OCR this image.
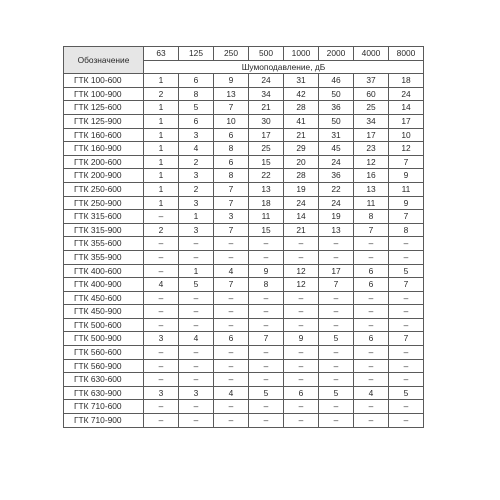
Обозначение	63	125	250	500	1000	2000	4000	8000
	Шумоподавление, дБ							
ГТК 100-600	1	6	9	24	31	46	37	18
ГТК 100-900	2	8	13	34	42	50	60	24
ГТК 125-600	1	5	7	21	28	36	25	14
ГТК 125-900	1	6	10	30	41	50	34	17
ГТК 160-600	1	3	6	17	21	31	17	10
ГТК 160-900	1	4	8	25	29	45	23	12
ГТК 200-600	1	2	6	15	20	24	12	7
ГТК 200-900	1	3	8	22	28	36	16	9
ГТК 250-600	1	2	7	13	19	22	13	11
ГТК 250-900	1	3	7	18	24	24	11	9
ГТК 315-600	–	1	3	11	14	19	8	7
ГТК 315-900	2	3	7	15	21	13	7	8
ГТК 355-600	–	–	–	–	–	–	–	–
ГТК 355-900	–	–	–	–	–	–	–	–
ГТК 400-600	–	1	4	9	12	17	6	5
ГТК 400-900	4	5	7	8	12	7	6	7
ГТК 450-600	–	–	–	–	–	–	–	–
ГТК 450-900	–	–	–	–	–	–	–	–
ГТК 500-600	–	–	–	–	–	–	–	–
ГТК 500-900	3	4	6	7	9	5	6	7
ГТК 560-600	–	–	–	–	–	–	–	–
ГТК 560-900	–	–	–	–	–	–	–	–
ГТК 630-600	–	–	–	–	–	–	–	–
ГТК 630-900	3	3	4	5	6	5	4	5
ГТК 710-600	–	–	–	–	–	–	–	–
ГТК 710-900	–	–	–	–	–	–	–	–
